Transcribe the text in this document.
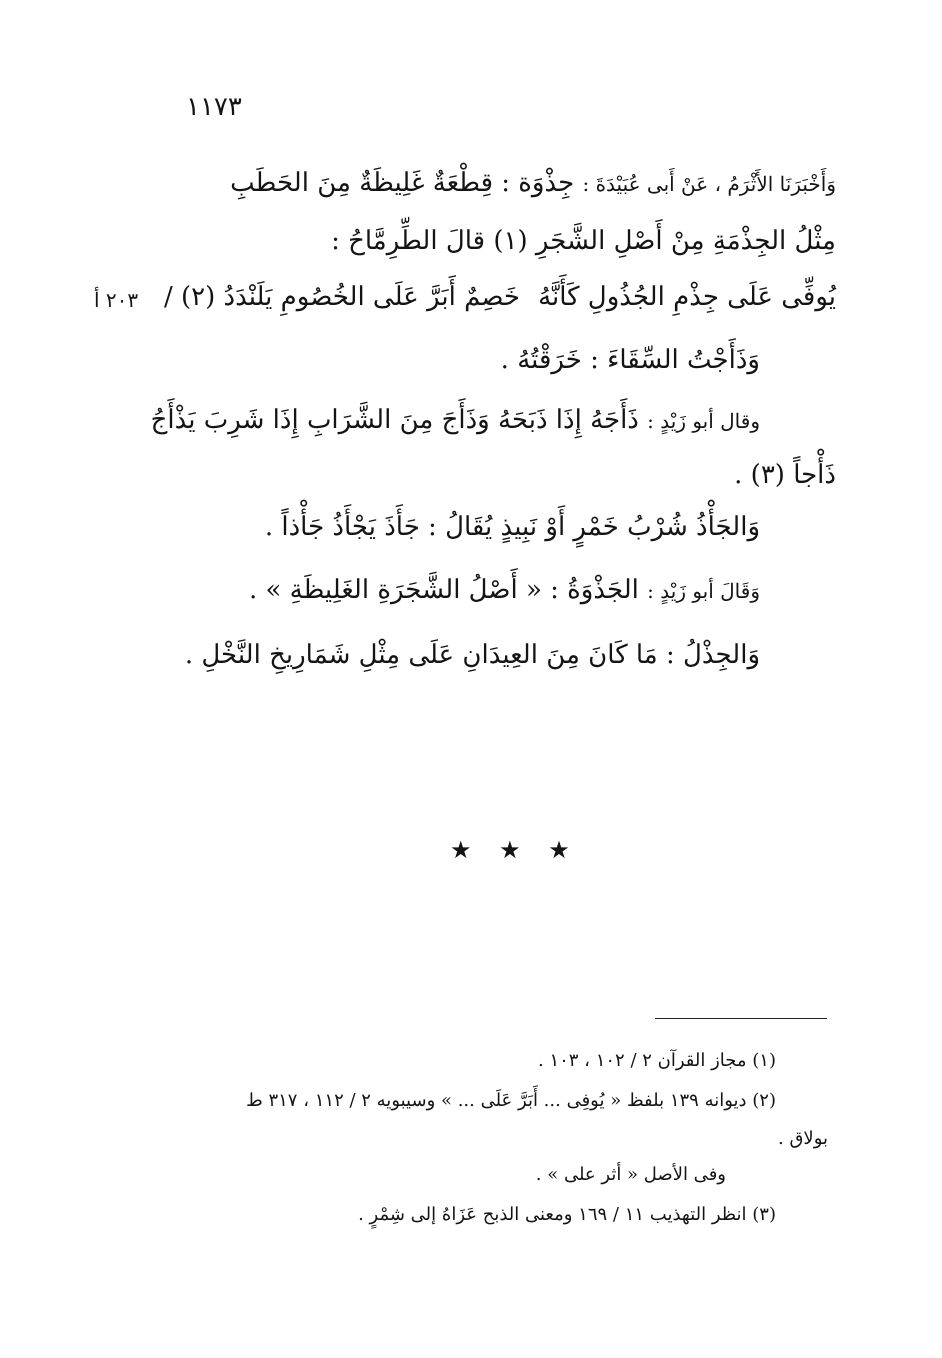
١١٧٣
وَأَخْبَرَنَا الأَثْرَمُ ، عَنْ أَبى عُبَيْدَةَ : جِذْوَة : قِطْعَةٌ غَلِيظَةٌ مِنَ الحَطَبِ
مِثْلُ الجِذْمَةِ مِنْ أَصْلِ الشَّجَرِ (١) قالَ الطِّرِمَّاحُ :
يُوفِّى عَلَى جِذْمِ الجُذُولِ كَأَنَّهُ
خَصِمٌ أَبَرَّ عَلَى الخُصُومِ يَلَنْدَدُ (٢) /
٢٠٣ أ
وَذَأَجْتُ السِّقَاءَ : خَرَقْتُهُ .
وقال أبو زَيْدٍ : ذَأَجَهُ إِذَا ذَبَحَهُ وَذَأَجَ مِنَ الشَّرَابِ إِذَا شَرِبَ يَذْأَجُ
ذَأْجاً (٣) .
وَالجَأْذُ شُرْبُ خَمْرٍ أَوْ نَبِيذٍ يُقَالُ : جَأَذَ يَجْأَذُ جَأْذاً .
وَقَالَ أبو زَيْدٍ : الجَذْوَةُ : « أَصْلُ الشَّجَرَةِ الغَلِيظَةِ » .
وَالجِذْلُ : مَا كَانَ مِنَ العِيدَانِ عَلَى مِثْلِ شَمَارِيخِ النَّخْلِ .
★ ★ ★
(١) مجاز القرآن ٢ / ١٠٢ ، ١٠٣ .
(٢) ديوانه ١٣٩ بلفظ « يُوفِى ... أَبَرَّ عَلَى ... » وسيبويه ٢ / ١١٢ ، ٣١٧ ط
بولاق .
وفى الأصل « أثر على » .
(٣) انظر التهذيب ١١ / ١٦٩ ومعنى الذبح عَزَاهُ إلى شِمْرٍ .
